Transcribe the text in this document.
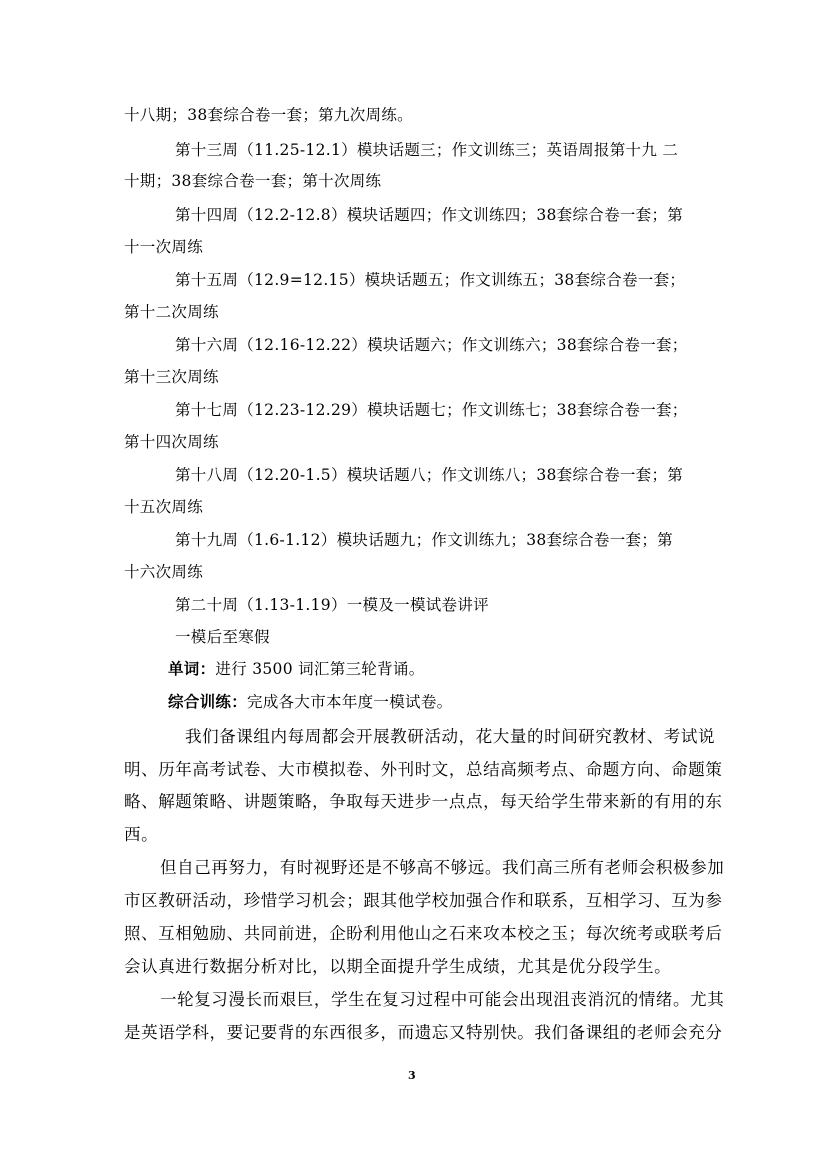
十八期；38套综合卷一套；第九次周练。
第十三周（11.25-12.1）模块话题三；作文训练三；英语周报第十九 二
十期；38套综合卷一套；第十次周练
第十四周（12.2-12.8）模块话题四；作文训练四；38套综合卷一套；第
十一次周练
第十五周（12.9=12.15）模块话题五；作文训练五；38套综合卷一套；
第十二次周练
第十六周（12.16-12.22）模块话题六；作文训练六；38套综合卷一套；
第十三次周练
第十七周（12.23-12.29）模块话题七；作文训练七；38套综合卷一套；
第十四次周练
第十八周（12.20-1.5）模块话题八；作文训练八；38套综合卷一套；第
十五次周练
第十九周（1.6-1.12）模块话题九；作文训练九；38套综合卷一套；第
十六次周练
第二十周（1.13-1.19）一模及一模试卷讲评
一模后至寒假
单词：进行 3500 词汇第三轮背诵。
综合训练：完成各大市本年度一模试卷。
我们备课组内每周都会开展教研活动，花大量的时间研究教材、考试说
明、历年高考试卷、大市模拟卷、外刊时文，总结高频考点、命题方向、命题策
略、解题策略、讲题策略，争取每天进步一点点，每天给学生带来新的有用的东
西。
但自己再努力，有时视野还是不够高不够远。我们高三所有老师会积极参加
市区教研活动，珍惜学习机会；跟其他学校加强合作和联系，互相学习、互为参
照、互相勉励、共同前进，企盼利用他山之石来攻本校之玉；每次统考或联考后
会认真进行数据分析对比，以期全面提升学生成绩，尤其是优分段学生。
一轮复习漫长而艰巨，学生在复习过程中可能会出现沮丧消沉的情绪。尤其
是英语学科，要记要背的东西很多，而遗忘又特别快。我们备课组的老师会充分
3
